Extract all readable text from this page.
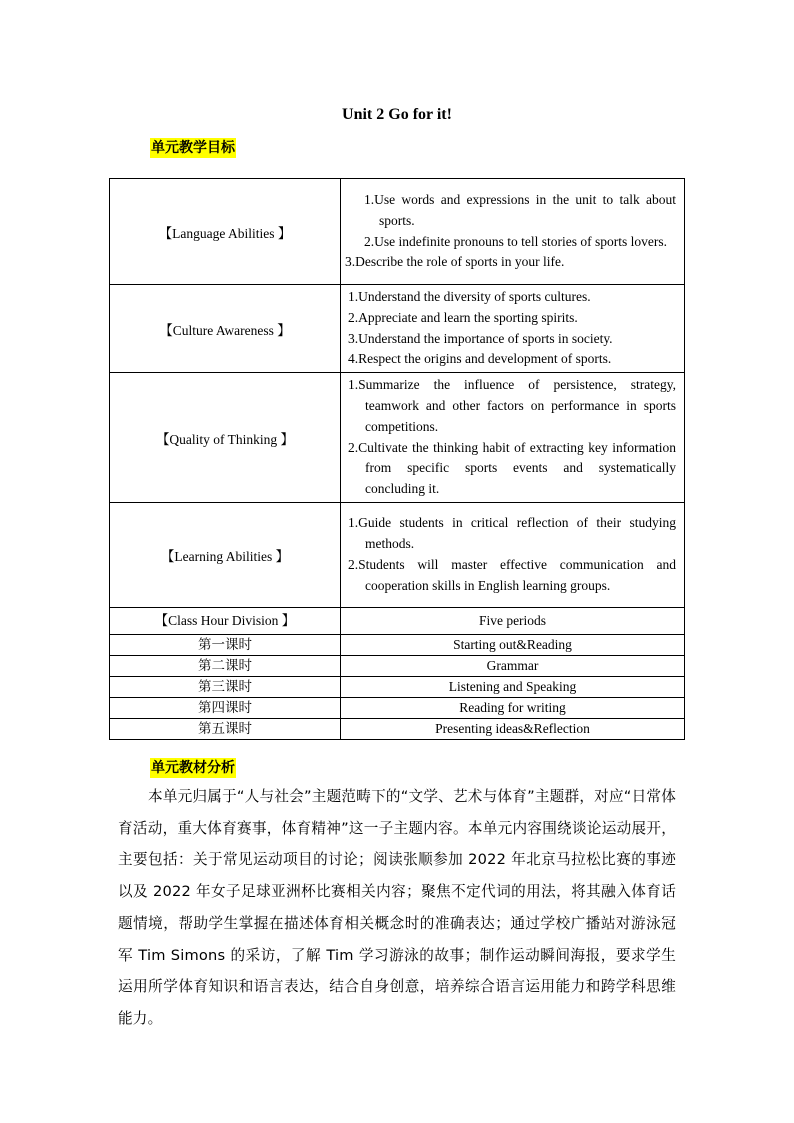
Unit 2 Go for it!
单元教学目标
【Language Abilities 】	1.Use words and expressions in the unit to talk about sports.
2.Use indefinite pronouns to tell stories of sports lovers.
3.Describe the role of sports in your life.

【Culture Awareness 】	1.Understand the diversity of sports cultures.
2.Appreciate and learn the sporting spirits.
3.Understand the importance of sports in society.
4.Respect the origins and development of sports.

【Quality of Thinking 】	1.Summarize the influence of persistence, strategy, teamwork and other factors on performance in sports competitions.
2.Cultivate the thinking habit of extracting key information from specific sports events and systematically concluding it.

【Learning Abilities 】	1.Guide students in critical reflection of their studying methods.
2.Students will master effective communication and cooperation skills in English learning groups.

【Class Hour Division 】	Five periods
第一课时	Starting out&Reading
第二课时	Grammar
第三课时	Listening and Speaking
第四课时	Reading for writing
第五课时	Presenting ideas&Reflection
单元教材分析
本单元归属于“人与社会”主题范畴下的“文学、艺术与体育”主题群，对应“日常体育活动，重大体育赛事，体育精神”这一子主题内容。本单元内容围绕谈论运动展开，主要包括：关于常见运动项目的讨论；阅读张顺参加 2022 年北京马拉松比赛的事迹以及 2022 年女子足球亚洲杯比赛相关内容；聚焦不定代词的用法，将其融入体育话题情境，帮助学生掌握在描述体育相关概念时的准确表达；通过学校广播站对游泳冠军 Tim Simons 的采访，了解 Tim 学习游泳的故事；制作运动瞬间海报，要求学生运用所学体育知识和语言表达，结合自身创意，培养综合语言运用能力和跨学科思维能力。
